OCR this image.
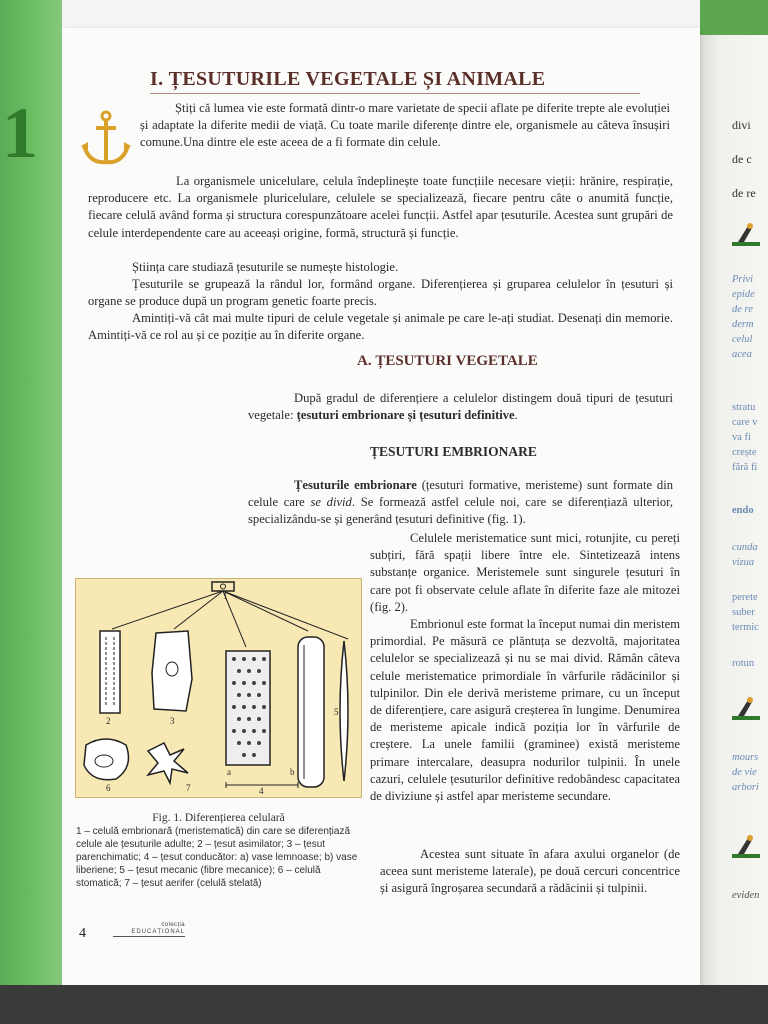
1
I. ȚESUTURILE VEGETALE ȘI ANIMALE
Știți că lumea vie este formată dintr-o mare varietate de specii aflate pe diferite trepte ale evoluției și adaptate la diferite medii de viață. Cu toate marile diferențe dintre ele, organismele au câteva însușiri comune.Una dintre ele este aceea de a fi formate din celule.
La organismele unicelulare, celula îndeplinește toate funcțiile necesare vieții: hrănire, respirație, reproducere etc. La organismele pluricelulare, celulele se specializează, fiecare pentru câte o anumită funcție, fiecare celulă având forma și structura corespunzătoare acelei funcții. Astfel apar țesuturile. Acestea sunt grupări de celule interdependente care au aceeași origine, formă, structură și funcție.
Știința care studiază țesuturile se numește histologie.
Țesuturile se grupează la rândul lor, formând organe. Diferențierea și gruparea celulelor în țesuturi și organe se produce după un program genetic foarte precis.
Amintiți-vă cât mai multe tipuri de celule vegetale și animale pe care le-ați studiat. Desenați din memorie. Amintiți-vă ce rol au și ce poziție au în diferite organe.
A. ȚESUTURI VEGETALE
După gradul de diferențiere a celulelor distingem două tipuri de țesuturi vegetale: țesuturi embrionare și țesuturi definitive.
ȚESUTURI EMBRIONARE
Țesuturile embrionare (țesuturi formative, meristeme) sunt formate din celule care se divid. Se formează astfel celule noi, care se diferențiază ulterior, specializându-se și generând țesuturi definitive (fig. 1).
Celulele meristematice sunt mici, rotunjite, cu pereți subțiri, fără spații libere între ele. Sintetizează intens substanțe organice. Meristemele sunt singurele țesuturi în care pot fi observate celule aflate în diferite faze ale mitozei (fig. 2).
Embrionul este format la început numai din meristem primordial. Pe măsură ce plăntuța se dezvoltă, majoritatea celulelor se specializează și nu se mai divid. Rămân câteva celule meristematice primordiale în vârfurile rădăcinilor și tulpinilor. Din ele derivă meristeme primare, cu un început de diferențiere, care asigură creșterea în lungime. Denumirea de meristeme apicale indică poziția lor în vârfurile de creștere. La unele familii (graminee) există meristeme primare intercalare, deasupra nodurilor tulpinii. În unele cazuri, celulele țesuturilor definitive redobândesc capacitatea de diviziune și astfel apar meristeme secundare.
Acestea sunt situate în afara axului organelor (de aceea sunt meristeme laterale), pe două cercuri concentrice și asigură îngroșarea secundară a rădăcinii și tulpinii.
1
2	3
4
5
6	7
a	b
Fig. 1. Diferențierea celulară
1 – celulă embrionară (meristematică) din care se diferențiază celule ale țesuturile adulte; 2 – țesut asimilator; 3 – țesut parenchimatic; 4 – țesut conducător: a) vase lemnoase; b) vase liberiene; 5 – țesut mecanic (fibre mecanice); 6 – celulă stomatică; 7 – țesut aerifer (celulă stelată)
4
colecția
EDUCAȚIONAL
divi
de c
de re
Privi
epide
de re
derm
celul
acea
stratu
care v
va fi
crește
fără fi
endo
cunda
vizua
perete
suber
termic
rotun
mours
de vie
arbori
eviden
